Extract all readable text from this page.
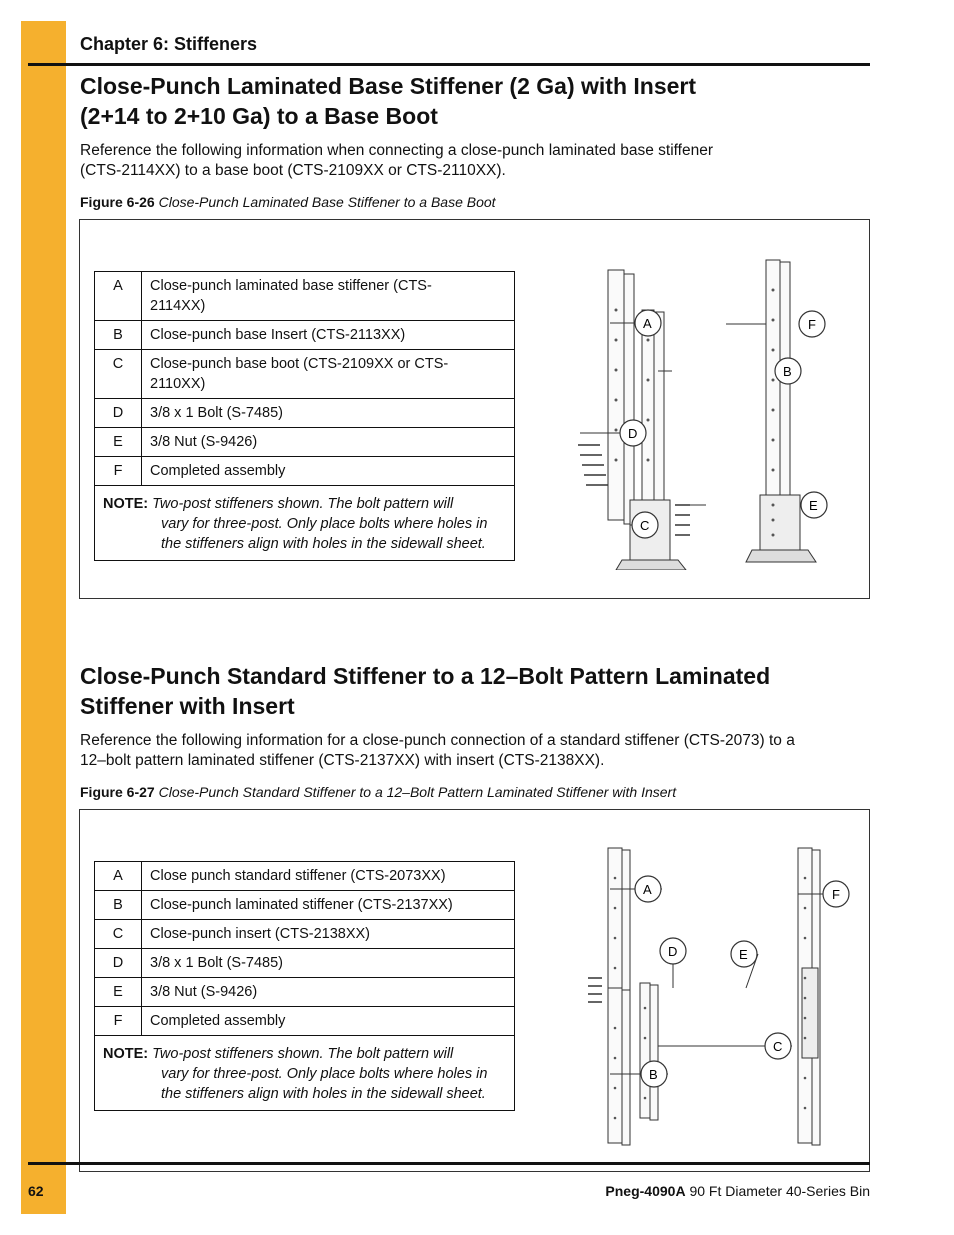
Chapter 6: Stiffeners
Close-Punch Laminated Base Stiffener (2 Ga) with Insert
(2+14 to 2+10 Ga) to a Base Boot

Reference the following information when connecting a close-punch laminated base stiffener
(CTS-2114XX) to a base boot (CTS-2109XX or CTS-2110XX).

Figure 6-26 Close-Punch Laminated Base Stiffener to a Base Boot
A	Close-punch laminated base stiffener (CTS-
2114XX)
B	Close-punch base Insert (CTS-2113XX)
C	Close-punch base boot (CTS-2109XX or CTS-
2110XX)
D	3/8 x 1 Bolt (S-7485)
E	3/8 Nut (S-9426)
F	Completed assembly
NOTE: Two-post stiffeners shown. The bolt pattern will
vary for three-post. Only place bolts where holes in
the stiffeners align with holes in the sidewall sheet.	
A
B
C
D
E
F
Close-Punch Standard Stiffener to a 12–Bolt Pattern Laminated
Stiffener with Insert

Reference the following information for a close-punch connection of a standard stiffener (CTS-2073) to a
12–bolt pattern laminated stiffener (CTS-2137XX) with insert (CTS-2138XX).

Figure 6-27 Close-Punch Standard Stiffener to a 12–Bolt Pattern Laminated Stiffener with Insert
A	Close punch standard stiffener (CTS-2073XX)
B	Close-punch laminated stiffener (CTS-2137XX)
C	Close-punch insert (CTS-2138XX)
D	3/8 x 1 Bolt (S-7485)
E	3/8 Nut (S-9426)
F	Completed assembly
NOTE: Two-post stiffeners shown. The bolt pattern will
vary for three-post. Only place bolts where holes in
the stiffeners align with holes in the sidewall sheet.	
A
B
C
D	E
F
62	Pneg-4090A 90 Ft Diameter 40-Series Bin
